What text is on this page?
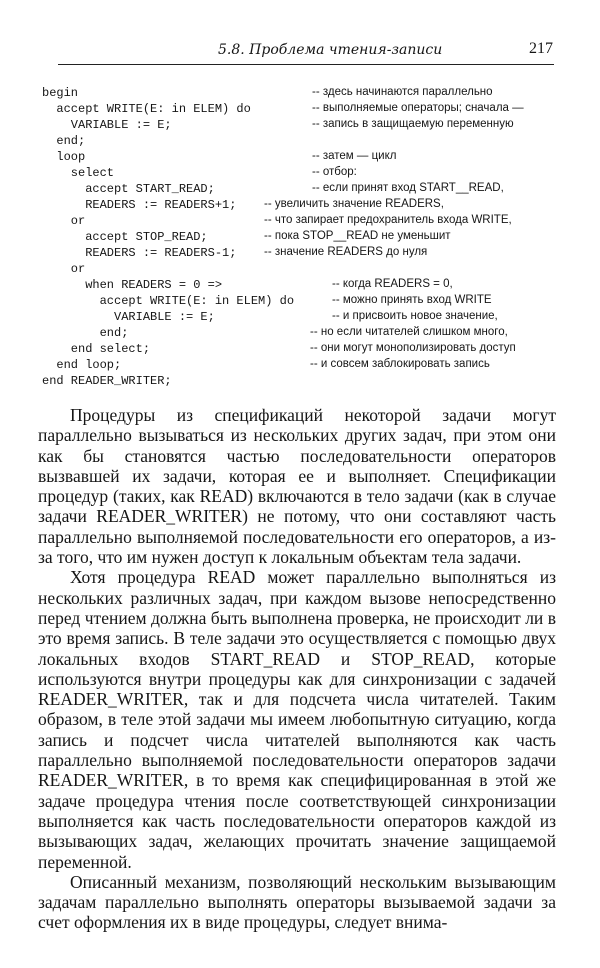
5.8. Проблема чтения-записи	217
begin	-- здесь начинаются параллельно
accept WRITE(E: in ELEM) do	-- выполняемые операторы; сначала —
VARIABLE := E;	-- запись в защищаемую переменную
end;
loop	-- затем — цикл
select	-- отбор:
accept START_READ;	-- если принят вход START__READ,
READERS := READERS+1; -- увеличить значение READERS,
or	-- что запирает предохранитель входа WRITE,
accept STOP_READ;	-- пока STOP__READ не уменьшит
READERS := READERS-1; -- значение READERS до нуля
or
when READERS = 0 =>	-- когда READERS = 0,
accept WRITE(E: in ELEM) do	-- можно принять вход WRITE
VARIABLE := E;	-- и присвоить новое значение,
end;	-- но если читателей слишком много,
end select;	-- они могут монополизировать доступ
end loop;	-- и совсем заблокировать запись
end READER_WRITER;

Процедуры из спецификаций некоторой задачи могут параллельно вызываться из нескольких других задач, при этом они как бы становятся частью последовательности операторов вызвавшей их задачи, которая ее и выполняет. Спецификации процедур (таких, как READ) включаются в тело задачи (как в случае задачи READER_WRITER) не потому, что они составляют часть параллельно выполняемой последовательности его операторов, а из-за того, что им нужен доступ к локальным объектам тела задачи.

Хотя процедура READ может параллельно выполняться из нескольких различных задач, при каждом вызове непосредственно перед чтением должна быть выполнена проверка, не происходит ли в это время запись. В теле задачи это осуществляется с помощью двух локальных входов START_READ и STOP_READ, которые используются внутри процедуры как для синхронизации с задачей READER_WRITER, так и для подсчета числа читателей. Таким образом, в теле этой задачи мы имеем любопытную ситуацию, когда запись и подсчет числа читателей выполняются как часть параллельно выполняемой последовательности операторов задачи READER_WRITER, в то время как специфицированная в этой же задаче процедура чтения после соответствующей синхронизации выполняется как часть последовательности операторов каждой из вызывающих задач, желающих прочитать значение защищаемой переменной.

Описанный механизм, позволяющий нескольким вызывающим задачам параллельно выполнять операторы вызываемой задачи за счет оформления их в виде процедуры, следует внима-
